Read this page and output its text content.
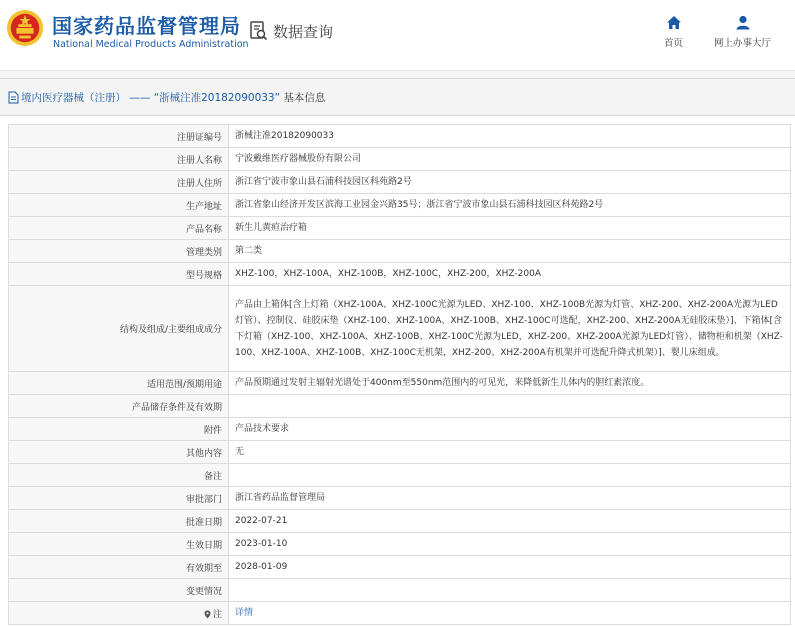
国家药品监督管理局
National Medical Products Administration
数据查询
首页	网上办事大厅
境内医疗器械（注册） —— “浙械注准20182090033” 基本信息
注册证编号	浙械注准20182090033
注册人名称	宁波戴维医疗器械股份有限公司
注册人住所	浙江省宁波市象山县石浦科技园区科苑路2号
生产地址	浙江省象山经济开发区滨海工业园金兴路35号；浙江省宁波市象山县石浦科技园区科苑路2号
产品名称	新生儿黄疸治疗箱
管理类别	第二类
型号规格	XHZ-100，XHZ-100A，XHZ-100B，XHZ-100C，XHZ-200，XHZ-200A
结构及组成/主要组成成分	产品由上箱体[含上灯箱（XHZ-100A、XHZ-100C光源为LED、XHZ-100、XHZ-100B光源为灯管、XHZ-200、XHZ-200A光源为LED灯管）、控制仪、硅胶床垫（XHZ-100、XHZ-100A、XHZ-100B、XHZ-100C可选配，XHZ-200、XHZ-200A无硅胶床垫）]、下箱体[含下灯箱（XHZ-100、XHZ-100A、XHZ-100B、XHZ-100C光源为LED，XHZ-200、XHZ-200A光源为LED灯管）、储物柜和机架（XHZ-100、XHZ-100A、XHZ-100B、XHZ-100C无机架，XHZ-200、XHZ-200A有机架并可选配升降式机架）]、婴儿床组成。
适用范围/预期用途	产品预期通过发射主辐射光谱处于400nm至550nm范围内的可见光，来降低新生儿体内的胆红素浓度。
产品储存条件及有效期	
附件	产品技术要求
其他内容	无
备注	
审批部门	浙江省药品监督管理局
批准日期	2022-07-21
生效日期	2023-01-10
有效期至	2028-01-09
变更情况	
注	详情
